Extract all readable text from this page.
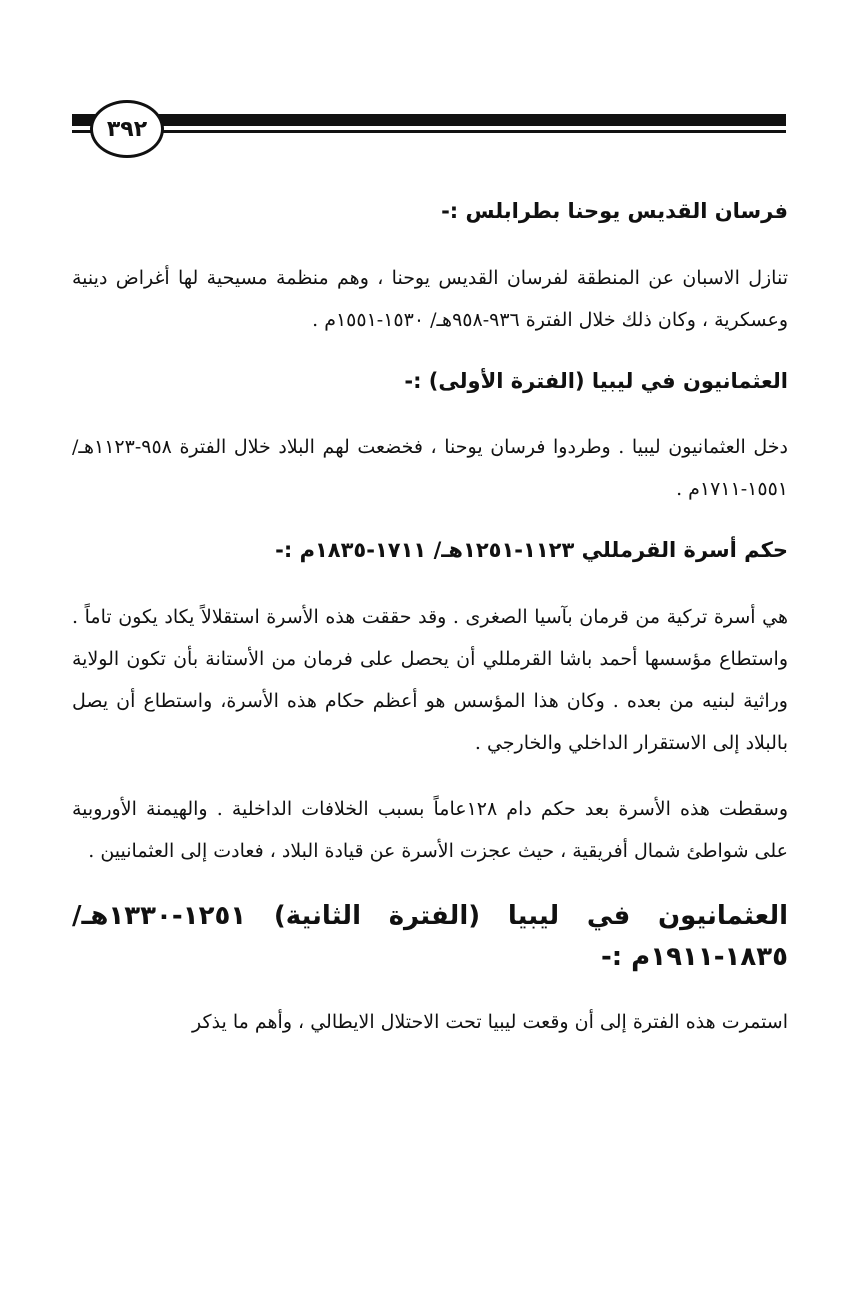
٣٩٢
فرسان القديس يوحنا بطرابلس :-

تنازل الاسبان عن المنطقة لفرسان القديس يوحنا ، وهم منظمة مسيحية لها أغراض دينية وعسكرية ، وكان ذلك خلال الفترة ٩٣٦-٩٥٨هـ/ ١٥٣٠-١٥٥١م .

العثمانيون في ليبيا (الفترة الأولى) :-

دخل العثمانيون ليبيا . وطردوا فرسان يوحنا ، فخضعت لهم البلاد خلال الفترة ٩٥٨-١١٢٣هـ/ ١٥٥١-١٧١١م .

حكم أسرة القرمللي ١١٢٣-١٢٥١هـ/ ١٧١١-١٨٣٥م :-

هي أسرة تركية من قرمان بآسيا الصغرى . وقد حققت هذه الأسرة استقلالاً يكاد يكون تاماً . واستطاع مؤسسها أحمد باشا القرمللي أن يحصل على فرمان من الأستانة بأن تكون الولاية وراثية لبنيه من بعده . وكان هذا المؤسس هو أعظم حكام هذه الأسرة، واستطاع أن يصل بالبلاد إلى الاستقرار الداخلي والخارجي .

وسقطت هذه الأسرة بعد حكم دام ١٢٨عاماً بسبب الخلافات الداخلية . والهيمنة الأوروبية على شواطئ شمال أفريقية ، حيث عجزت الأسرة عن قيادة البلاد ، فعادت إلى العثمانيين .

العثمانيون في ليبيا (الفترة الثانية) ١٢٥١-١٣٣٠هـ/١٨٣٥-١٩١١م :-

استمرت هذه الفترة إلى أن وقعت ليبيا تحت الاحتلال الايطالي ، وأهم ما يذكر
